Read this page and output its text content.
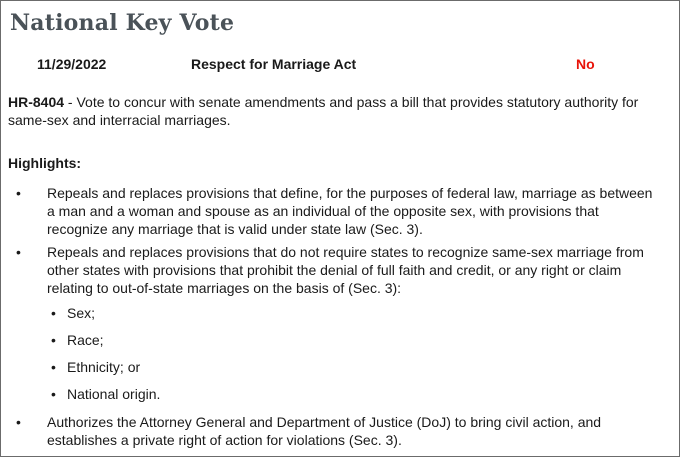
National Key Vote
11/29/2022	Respect for Marriage Act	No
HR-8404 - Vote to concur with senate amendments and pass a bill that provides statutory authority for same-sex and interracial marriages.
Highlights:
• Repeals and replaces provisions that define, for the purposes of federal law, marriage as between a man and a woman and spouse as an individual of the opposite sex, with provisions that recognize any marriage that is valid under state law (Sec. 3).
• Repeals and replaces provisions that do not require states to recognize same-sex marriage from other states with provisions that prohibit the denial of full faith and credit, or any right or claim relating to out-of-state marriages on the basis of (Sec. 3):
• Sex;
• Race;
• Ethnicity; or
• National origin.
• Authorizes the Attorney General and Department of Justice (DoJ) to bring civil action, and establishes a private right of action for violations (Sec. 3).
